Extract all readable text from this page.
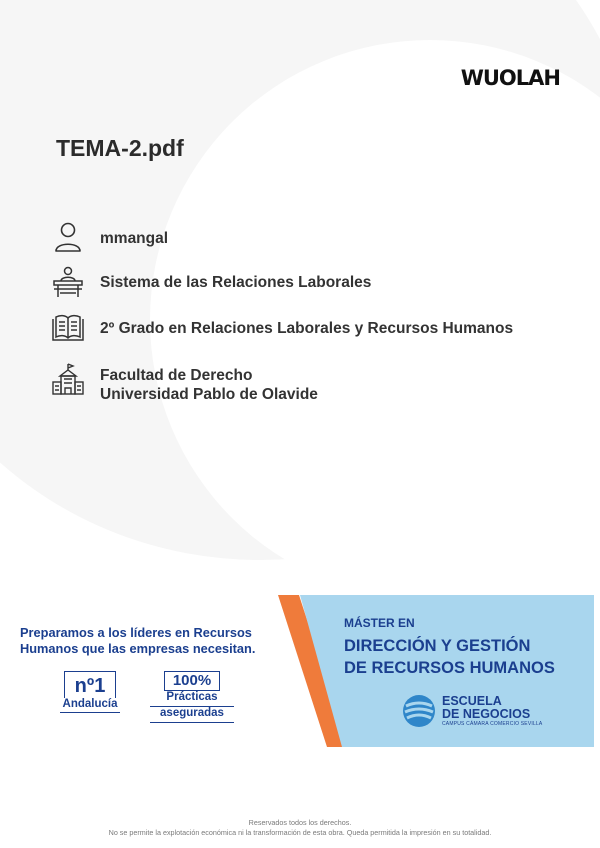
WUOLAH
TEMA-2.pdf
mmangal
Sistema de las Relaciones Laborales
2º Grado en Relaciones Laborales y Recursos Humanos
Facultad de Derecho
Universidad Pablo de Olavide
Preparamos a los líderes en Recursos
Humanos que las empresas necesitan.
nº1
Andalucía
100%
Prácticas
aseguradas
MÁSTER EN
DIRECCIÓN Y GESTIÓN
DE RECURSOS HUMANOS
ESCUELA
DE NEGOCIOS
CAMPUS CÁMARA COMERCIO SEVILLA
Reservados todos los derechos.
No se permite la explotación económica ni la transformación de esta obra. Queda permitida la impresión en su totalidad.
